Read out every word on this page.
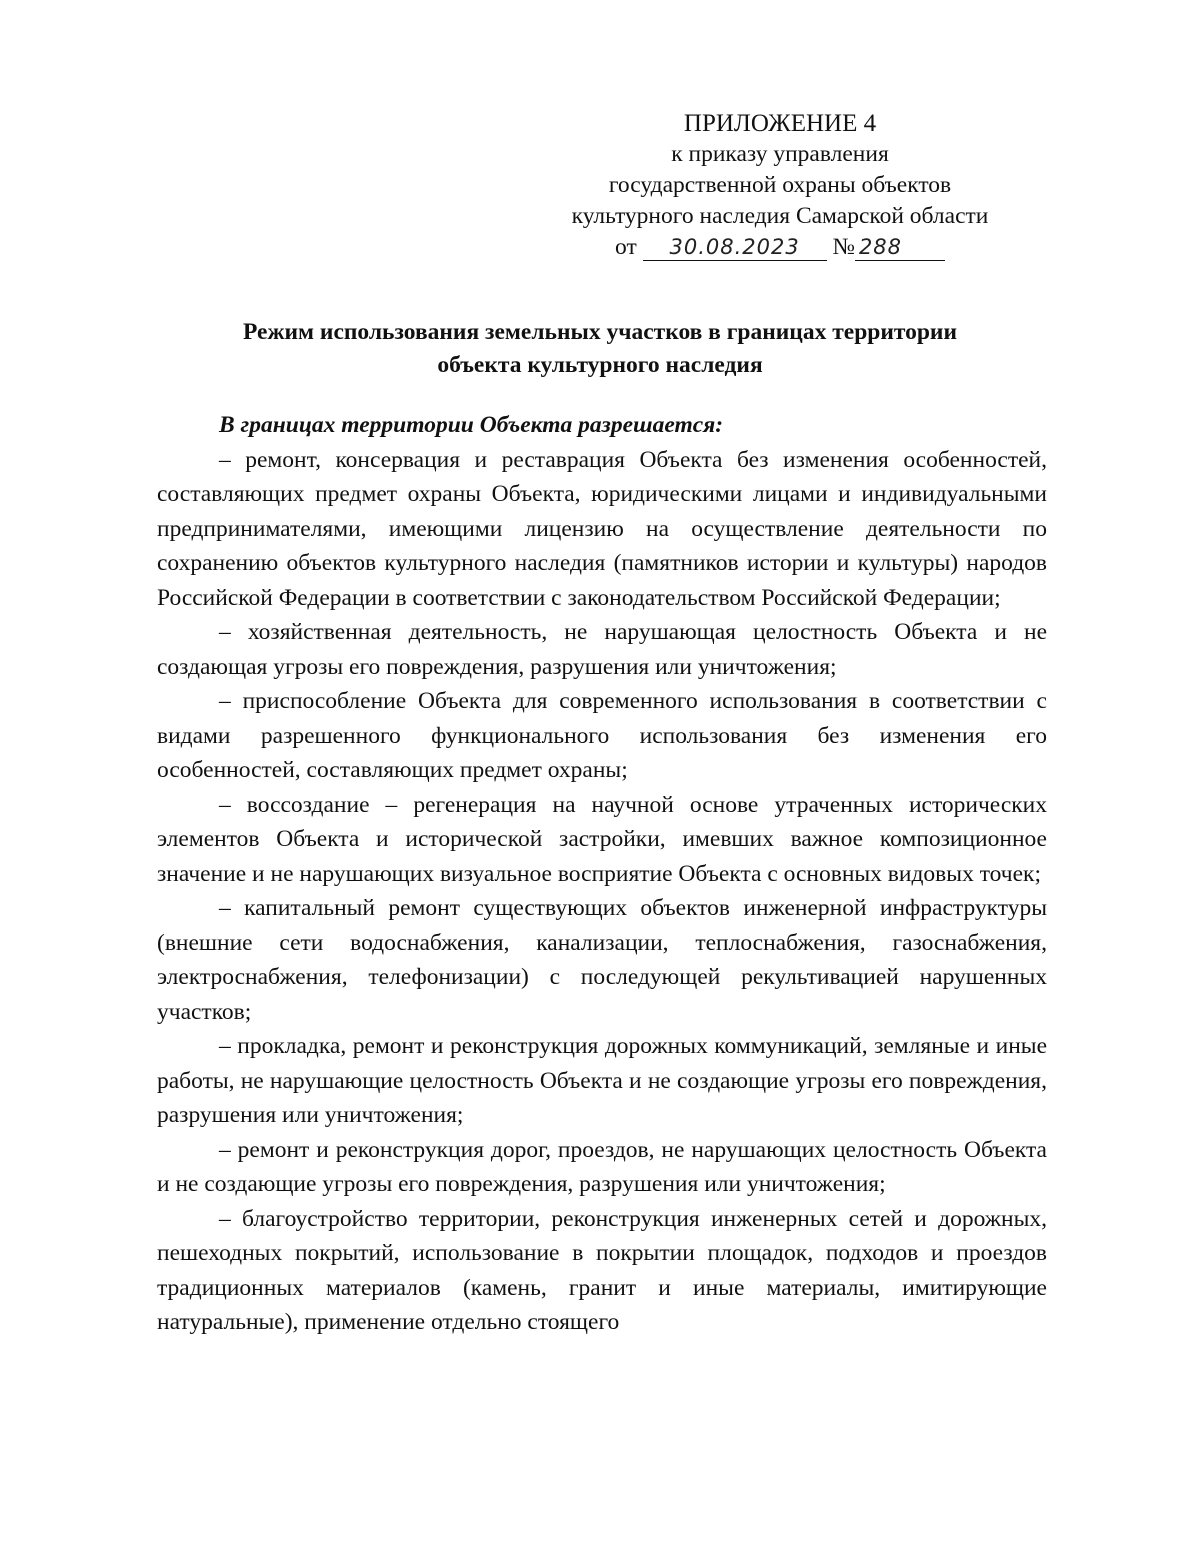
ПРИЛОЖЕНИЕ 4
к приказу управления
государственной охраны объектов
культурного наследия Самарской области
от 30.08.2023 № 288
Режим использования земельных участков в границах территории
объекта культурного наследия

В границах территории Объекта разрешается:

– ремонт, консервация и реставрация Объекта без изменения особенностей, составляющих предмет охраны Объекта, юридическими лицами и индивидуальными предпринимателями, имеющими лицензию на осуществление деятельности по сохранению объектов культурного наследия (памятников истории и культуры) народов Российской Федерации в соответствии с законодательством Российской Федерации;

– хозяйственная деятельность, не нарушающая целостность Объекта и не создающая угрозы его повреждения, разрушения или уничтожения;

– приспособление Объекта для современного использования в соответствии с видами разрешенного функционального использования без изменения его особенностей, составляющих предмет охраны;

– воссоздание – регенерация на научной основе утраченных исторических элементов Объекта и исторической застройки, имевших важное композиционное значение и не нарушающих визуальное восприятие Объекта с основных видовых точек;

– капитальный ремонт существующих объектов инженерной инфраструктуры (внешние сети водоснабжения, канализации, теплоснабжения, газоснабжения, электроснабжения, телефонизации) с последующей рекультивацией нарушенных участков;

– прокладка, ремонт и реконструкция дорожных коммуникаций, земляные и иные работы, не нарушающие целостность Объекта и не создающие угрозы его повреждения, разрушения или уничтожения;

– ремонт и реконструкция дорог, проездов, не нарушающих целостность Объекта и не создающие угрозы его повреждения, разрушения или уничтожения;

– благоустройство территории, реконструкция инженерных сетей и дорожных, пешеходных покрытий, использование в покрытии площадок, подходов и проездов традиционных материалов (камень, гранит и иные материалы, имитирующие натуральные), применение отдельно стоящего
